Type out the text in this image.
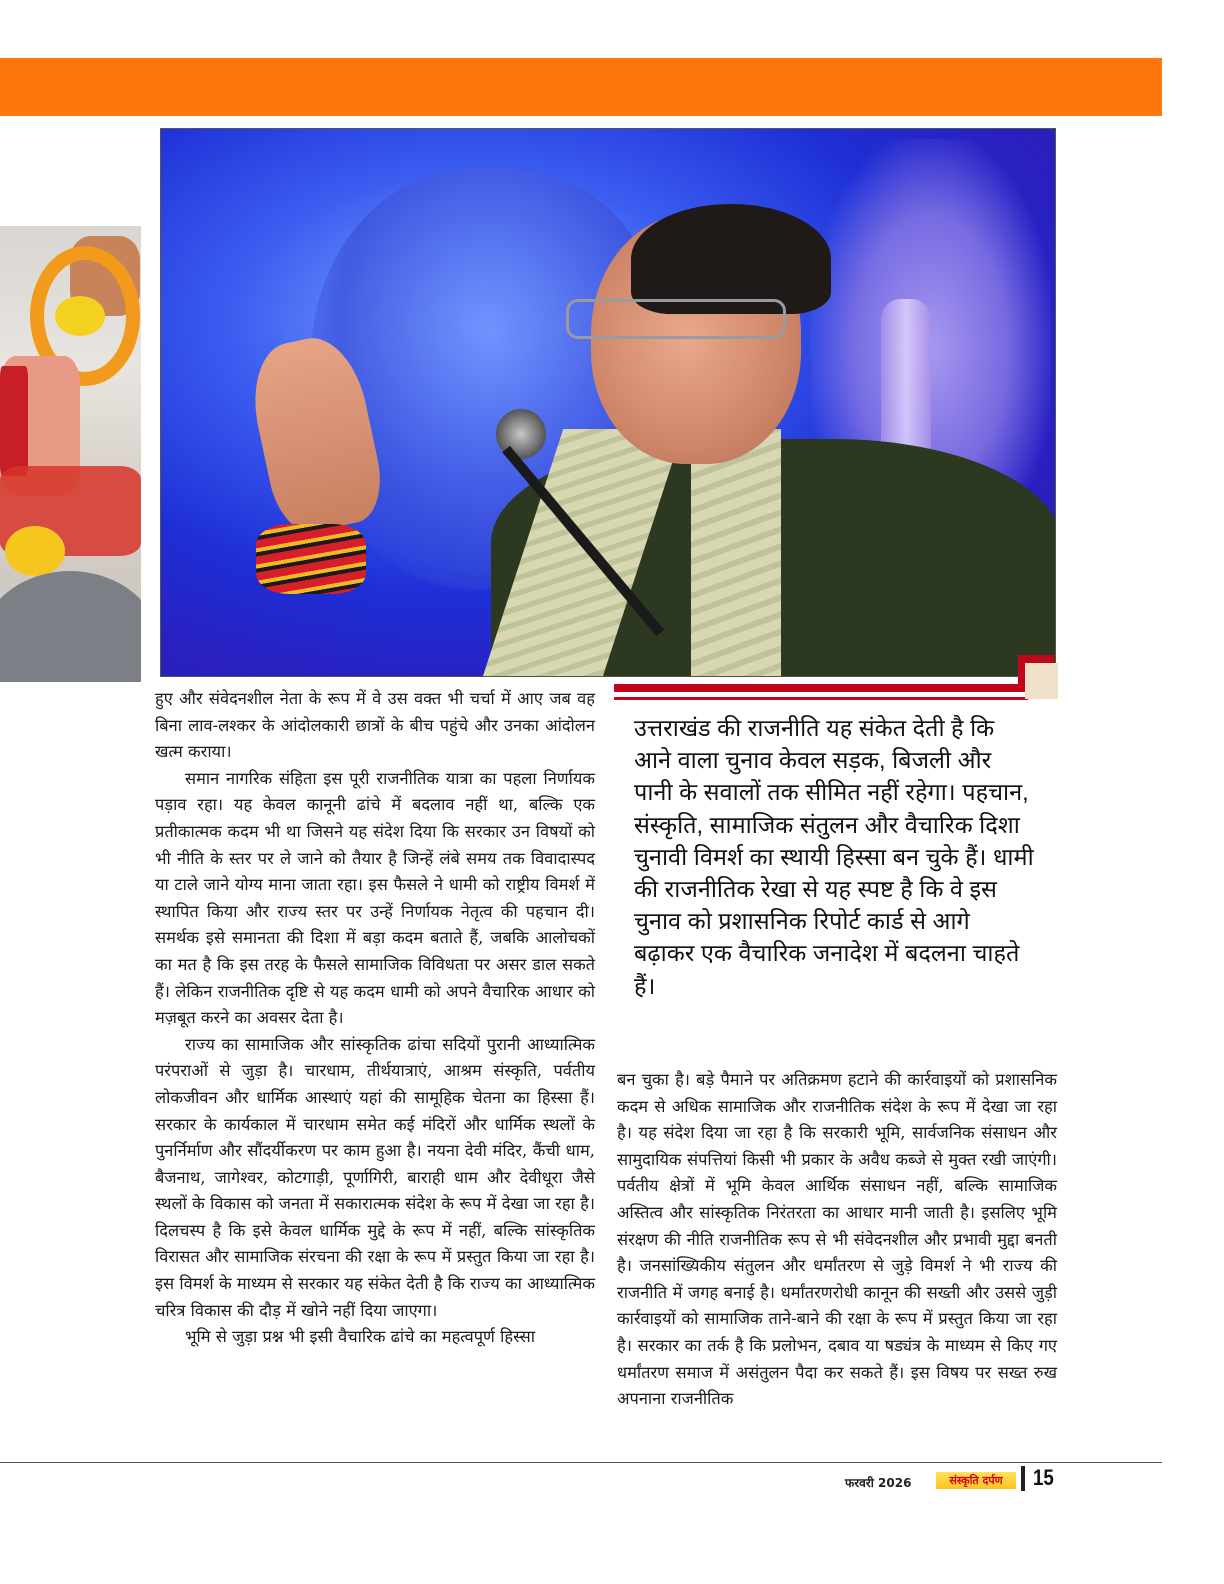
हुए और संवेदनशील नेता के रूप में वे उस वक्त भी चर्चा में आए जब वह बिना लाव-लश्कर के आंदोलकारी छात्रों के बीच पहुंचे और उनका आंदोलन खत्म कराया।

समान नागरिक संहिता इस पूरी राजनीतिक यात्रा का पहला निर्णायक पड़ाव रहा। यह केवल कानूनी ढांचे में बदलाव नहीं था, बल्कि एक प्रतीकात्मक कदम भी था जिसने यह संदेश दिया कि सरकार उन विषयों को भी नीति के स्तर पर ले जाने को तैयार है जिन्हें लंबे समय तक विवादास्पद या टाले जाने योग्य माना जाता रहा। इस फैसले ने धामी को राष्ट्रीय विमर्श में स्थापित किया और राज्य स्तर पर उन्हें निर्णायक नेतृत्व की पहचान दी। समर्थक इसे समानता की दिशा में बड़ा कदम बताते हैं, जबकि आलोचकों का मत है कि इस तरह के फैसले सामाजिक विविधता पर असर डाल सकते हैं। लेकिन राजनीतिक दृष्टि से यह कदम धामी को अपने वैचारिक आधार को मज़बूत करने का अवसर देता है।

राज्य का सामाजिक और सांस्कृतिक ढांचा सदियों पुरानी आध्यात्मिक परंपराओं से जुड़ा है। चारधाम, तीर्थयात्राएं, आश्रम संस्कृति, पर्वतीय लोकजीवन और धार्मिक आस्थाएं यहां की सामूहिक चेतना का हिस्सा हैं। सरकार के कार्यकाल में चारधाम समेत कई मंदिरों और धार्मिक स्थलों के पुनर्निर्माण और सौंदर्यीकरण पर काम हुआ है। नयना देवी मंदिर, कैंची धाम, बैजनाथ, जागेश्वर, कोटगाड़ी, पूर्णागिरी, बाराही धाम और देवीधूरा जैसे स्थलों के विकास को जनता में सकारात्मक संदेश के रूप में देखा जा रहा है। दिलचस्प है कि इसे केवल धार्मिक मुद्दे के रूप में नहीं, बल्कि सांस्कृतिक विरासत और सामाजिक संरचना की रक्षा के रूप में प्रस्तुत किया जा रहा है। इस विमर्श के माध्यम से सरकार यह संकेत देती है कि राज्य का आध्यात्मिक चरित्र विकास की दौड़ में खोने नहीं दिया जाएगा।

भूमि से जुड़ा प्रश्न भी इसी वैचारिक ढांचे का महत्वपूर्ण हिस्सा

उत्तराखंड की राजनीति यह संकेत देती है कि आने वाला चुनाव केवल सड़क, बिजली और पानी के सवालों तक सीमित नहीं रहेगा। पहचान, संस्कृति, सामाजिक संतुलन और वैचारिक दिशा चुनावी विमर्श का स्थायी हिस्सा बन चुके हैं। धामी की राजनीतिक रेखा से यह स्पष्ट है कि वे इस चुनाव को प्रशासनिक रिपोर्ट कार्ड से आगे बढ़ाकर एक वैचारिक जनादेश में बदलना चाहते हैं।

बन चुका है। बड़े पैमाने पर अतिक्रमण हटाने की कार्रवाइयों को प्रशासनिक कदम से अधिक सामाजिक और राजनीतिक संदेश के रूप में देखा जा रहा है। यह संदेश दिया जा रहा है कि सरकारी भूमि, सार्वजनिक संसाधन और सामुदायिक संपत्तियां किसी भी प्रकार के अवैध कब्जे से मुक्त रखी जाएंगी। पर्वतीय क्षेत्रों में भूमि केवल आर्थिक संसाधन नहीं, बल्कि सामाजिक अस्तित्व और सांस्कृतिक निरंतरता का आधार मानी जाती है। इसलिए भूमि संरक्षण की नीति राजनीतिक रूप से भी संवेदनशील और प्रभावी मुद्दा बनती है। जनसांख्यिकीय संतुलन और धर्मांतरण से जुड़े विमर्श ने भी राज्य की राजनीति में जगह बनाई है। धर्मांतरणरोधी कानून की सख्ती और उससे जुड़ी कार्रवाइयों को सामाजिक ताने-बाने की रक्षा के रूप में प्रस्तुत किया जा रहा है। सरकार का तर्क है कि प्रलोभन, दबाव या षड्यंत्र के माध्यम से किए गए धर्मांतरण समाज में असंतुलन पैदा कर सकते हैं। इस विषय पर सख्त रुख अपनाना राजनीतिक

फरवरी 2026	संस्कृति दर्पण	15
